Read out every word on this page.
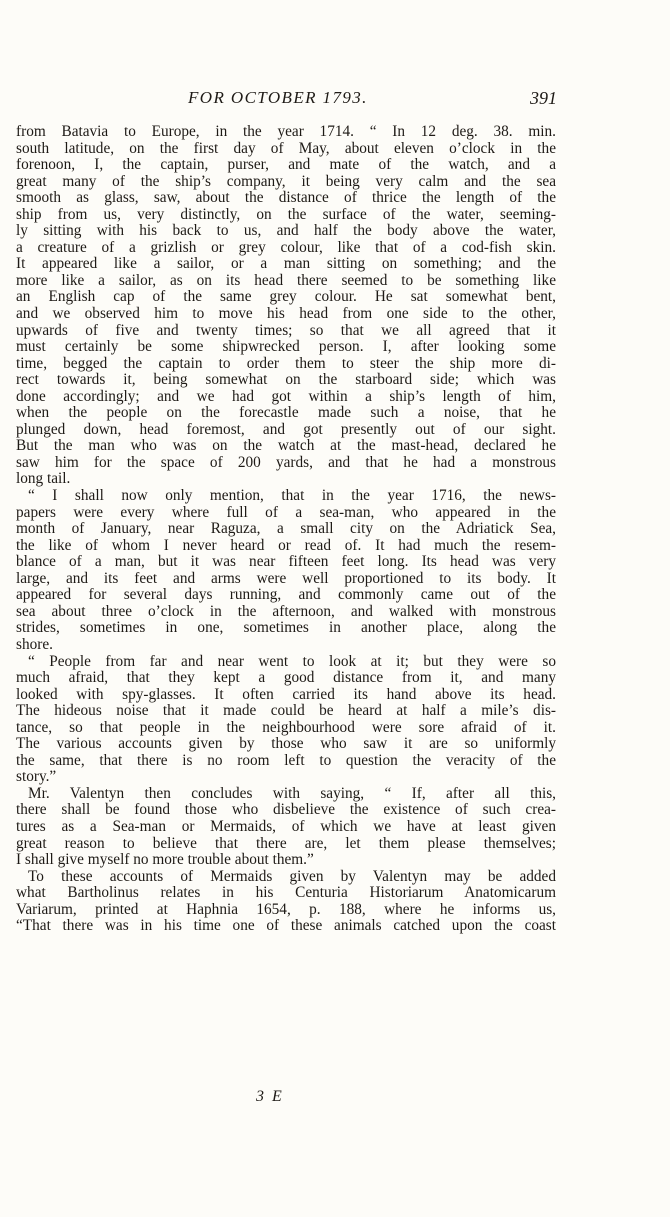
FOR OCTOBER 1793.	391
from Batavia to Europe, in the year 1714. “ In 12 deg. 38. min.
south latitude, on the first day of May, about eleven o’clock in the
forenoon, I, the captain, purser, and mate of the watch, and a
great many of the ship’s company, it being very calm and the sea
smooth as glass, saw, about the distance of thrice the length of the
ship from us, very distinctly, on the surface of the water, seeming-
ly sitting with his back to us, and half the body above the water,
a creature of a grizlish or grey colour, like that of a cod-fish skin.
It appeared like a sailor, or a man sitting on something; and the
more like a sailor, as on its head there seemed to be something like
an English cap of the same grey colour. He sat somewhat bent,
and we observed him to move his head from one side to the other,
upwards of five and twenty times; so that we all agreed that it
must certainly be some shipwrecked person. I, after looking some
time, begged the captain to order them to steer the ship more di-
rect towards it, being somewhat on the starboard side; which was
done accordingly; and we had got within a ship’s length of him,
when the people on the forecastle made such a noise, that he
plunged down, head foremost, and got presently out of our sight.
But the man who was on the watch at the mast-head, declared he
saw him for the space of 200 yards, and that he had a monstrous
long tail.
“ I shall now only mention, that in the year 1716, the news-
papers were every where full of a sea-man, who appeared in the
month of January, near Raguza, a small city on the Adriatick Sea,
the like of whom I never heard or read of. It had much the resem-
blance of a man, but it was near fifteen feet long. Its head was very
large, and its feet and arms were well proportioned to its body. It
appeared for several days running, and commonly came out of the
sea about three o’clock in the afternoon, and walked with monstrous
strides, sometimes in one, sometimes in another place, along the
shore.
“ People from far and near went to look at it; but they were so
much afraid, that they kept a good distance from it, and many
looked with spy-glasses. It often carried its hand above its head.
The hideous noise that it made could be heard at half a mile’s dis-
tance, so that people in the neighbourhood were sore afraid of it.
The various accounts given by those who saw it are so uniformly
the same, that there is no room left to question the veracity of the
story.”
Mr. Valentyn then concludes with saying, “ If, after all this,
there shall be found those who disbelieve the existence of such crea-
tures as a Sea-man or Mermaids, of which we have at least given
great reason to believe that there are, let them please themselves;
I shall give myself no more trouble about them.”
To these accounts of Mermaids given by Valentyn may be added
what Bartholinus relates in his Centuria Historiarum Anatomicarum
Variarum, printed at Haphnia 1654, p. 188, where he informs us,
“That there was in his time one of these animals catched upon the coast
3 E
